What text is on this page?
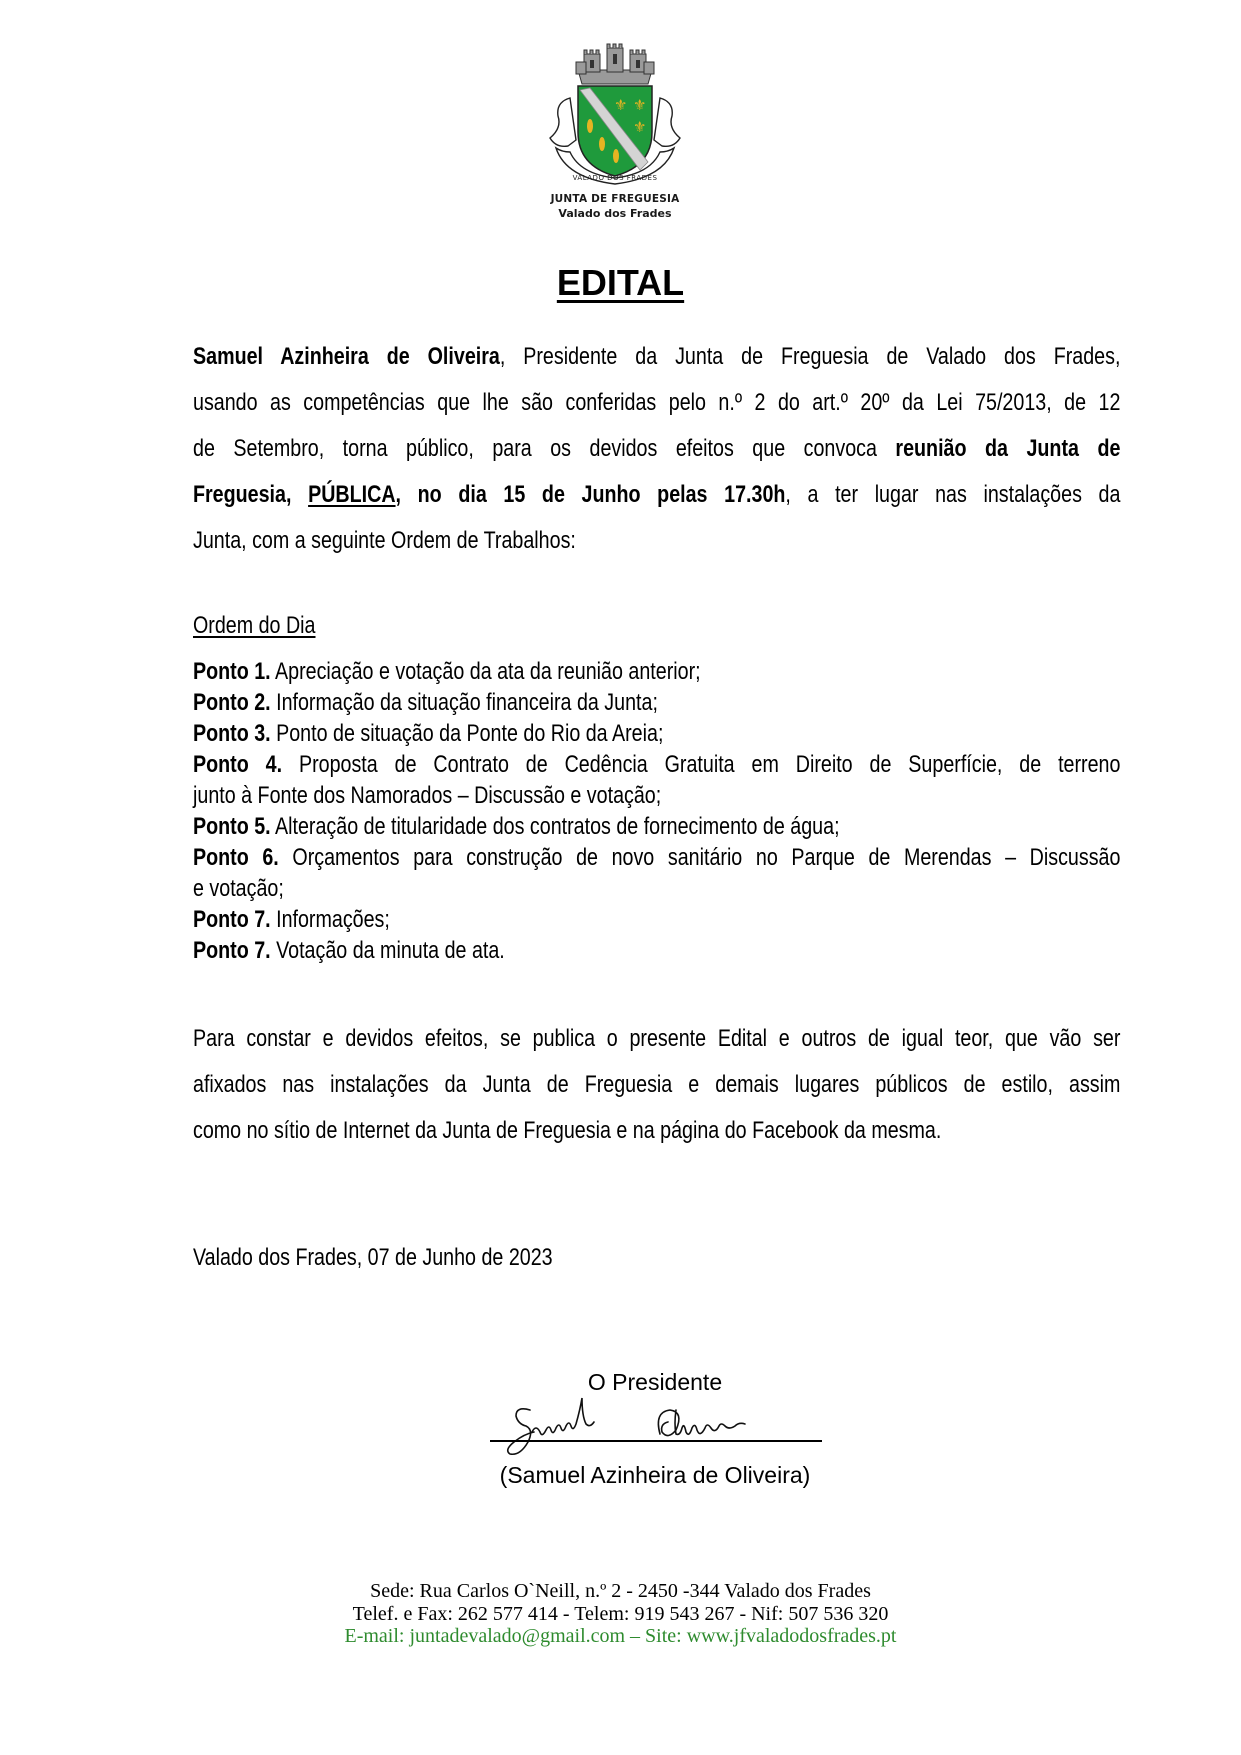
⚜ ⚜
⚜
VALADO DOS FRADES
JUNTA DE FREGUESIA
Valado dos Frades
EDITAL
Samuel Azinheira de Oliveira, Presidente da Junta de Freguesia de Valado dos Frades,
usando as competências que lhe são conferidas pelo n.º 2 do art.º 20º da Lei 75/2013, de 12
de Setembro, torna público, para os devidos efeitos que convoca reunião da Junta de
Freguesia, PÚBLICA, no dia 15 de Junho pelas 17.30h, a ter lugar nas instalações da
Junta, com a seguinte Ordem de Trabalhos:
Ordem do Dia
Ponto 1. Apreciação e votação da ata da reunião anterior;
Ponto 2. Informação da situação financeira da Junta;
Ponto 3. Ponto de situação da Ponte do Rio da Areia;
Ponto 4. Proposta de Contrato de Cedência Gratuita em Direito de Superfície, de terreno
junto à Fonte dos Namorados – Discussão e votação;
Ponto 5. Alteração de titularidade dos contratos de fornecimento de água;
Ponto 6. Orçamentos para construção de novo sanitário no Parque de Merendas – Discussão
e votação;
Ponto 7. Informações;
Ponto 7. Votação da minuta de ata.
Para constar e devidos efeitos, se publica o presente Edital e outros de igual teor, que vão ser
afixados nas instalações da Junta de Freguesia e demais lugares públicos de estilo, assim
como no sítio de Internet da Junta de Freguesia e na página do Facebook da mesma.
Valado dos Frades, 07 de Junho de 2023
O Presidente
(Samuel Azinheira de Oliveira)
Sede: Rua Carlos O`Neill, n.º 2 - 2450 -344 Valado dos Frades
Telef. e Fax: 262 577 414 - Telem: 919 543 267 - Nif: 507 536 320
E-mail: juntadevalado@gmail.com – Site: www.jfvaladodosfrades.pt
